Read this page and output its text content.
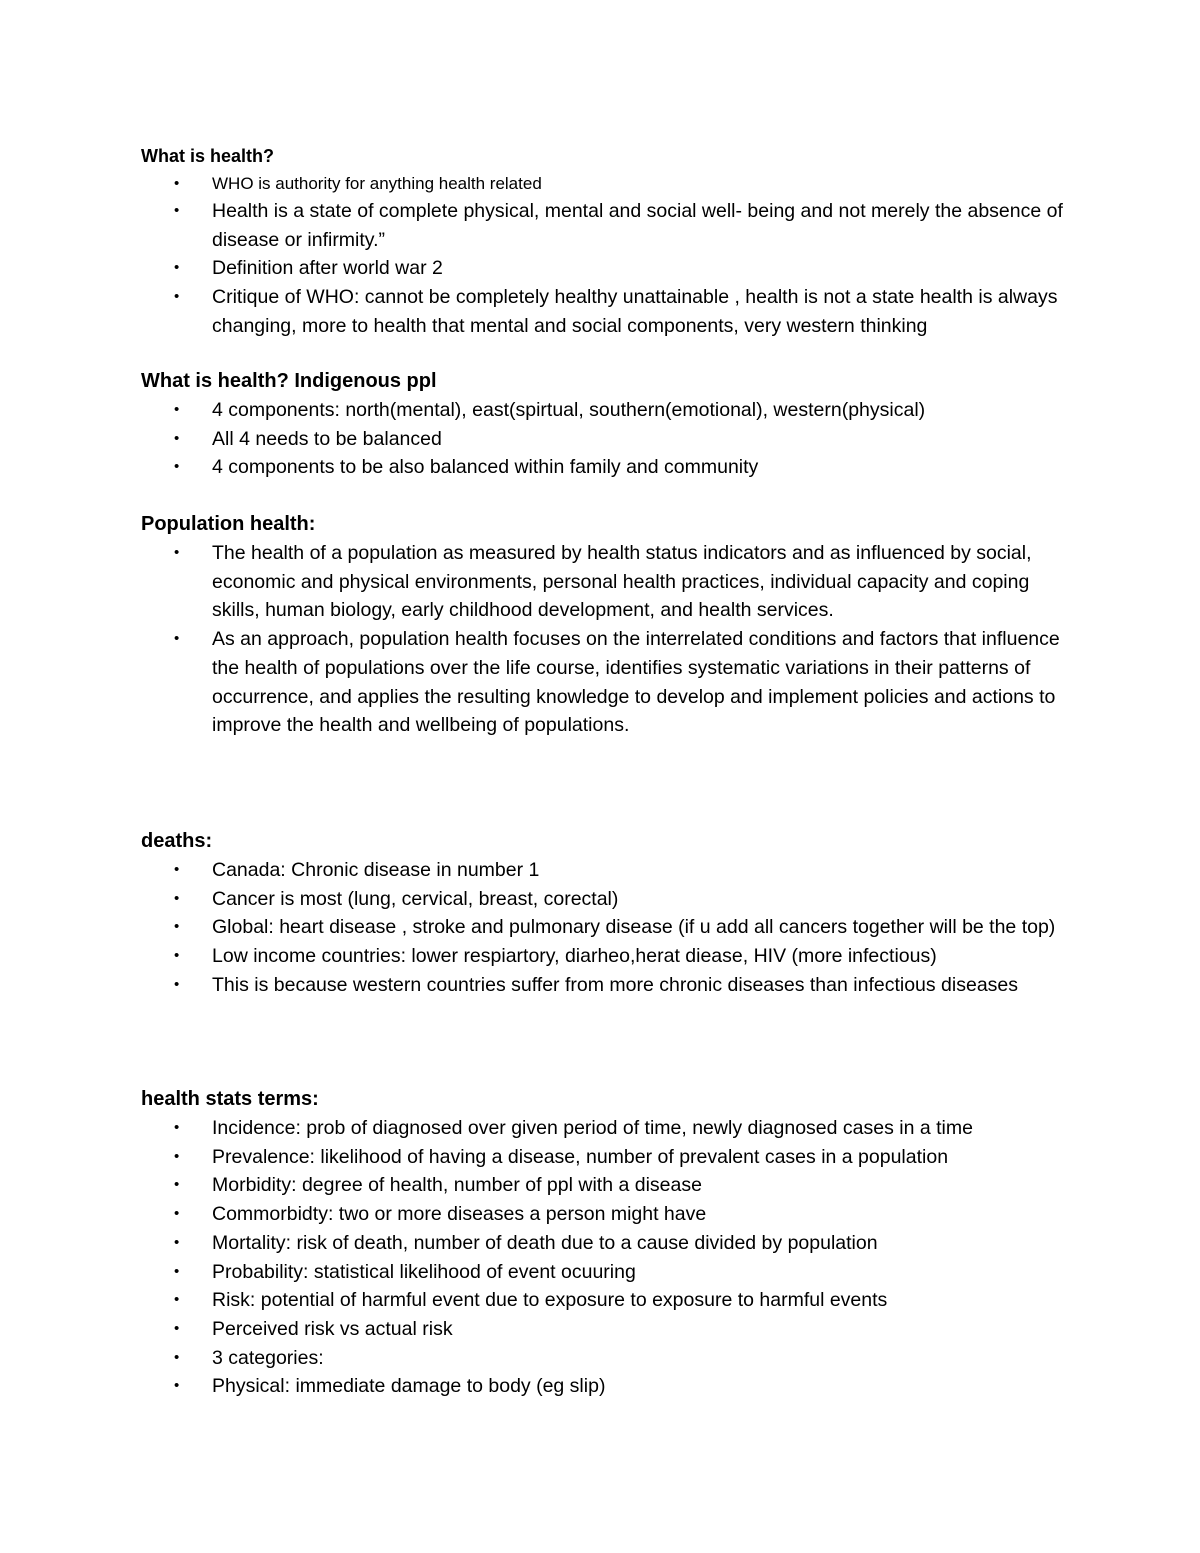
What is health?

• WHO is authority for anything health related
• Health is a state of complete physical, mental and social well- being and not merely the absence of disease or infirmity.”
• Definition after world war 2
• Critique of WHO: cannot be completely healthy unattainable , health is not a state health is always changing, more to health that mental and social components, very western thinking

What is health? Indigenous ppl

• 4 components: north(mental), east(spirtual, southern(emotional), western(physical)
• All 4 needs to be balanced
• 4 components to be also balanced within family and community

Population health:

• The health of a population as measured by health status indicators and as influenced by social, economic and physical environments, personal health practices, individual capacity and coping skills, human biology, early childhood development, and health services.
• As an approach, population health focuses on the interrelated conditions and factors that influence the health of populations over the life course, identifies systematic variations in their patterns of occurrence, and applies the resulting knowledge to develop and implement policies and actions to improve the health and wellbeing of populations.

deaths:

• Canada: Chronic disease in number 1
• Cancer is most (lung, cervical, breast, corectal)
• Global: heart disease , stroke and pulmonary disease (if u add all cancers together will be the top)
• Low income countries: lower respiartory, diarheo,herat diease, HIV (more infectious)
• This is because western countries suffer from more chronic diseases than infectious diseases

health stats terms:

• Incidence: prob of diagnosed over given period of time, newly diagnosed cases in a time
• Prevalence: likelihood of having a disease, number of prevalent cases in a population
• Morbidity: degree of health, number of ppl with a disease
• Commorbidty: two or more diseases a person might have
• Mortality: risk of death, number of death due to a cause divided by population
• Probability: statistical likelihood of event ocuuring
• Risk: potential of harmful event due to exposure to exposure to harmful events
• Perceived risk vs actual risk
• 3 categories:
• Physical: immediate damage to body (eg slip)
